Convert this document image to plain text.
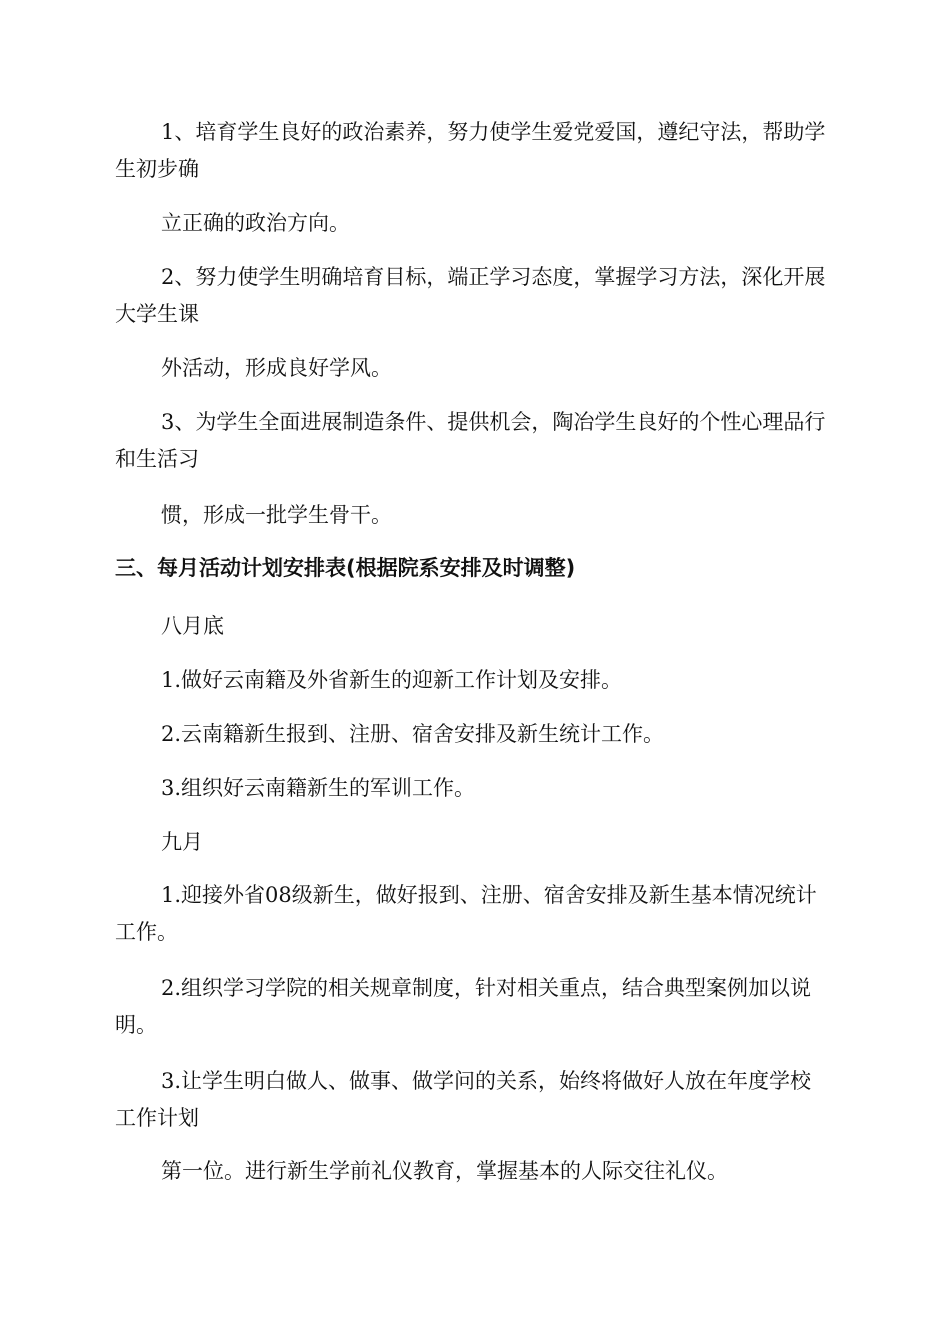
1、培育学生良好的政治素养，努力使学生爱党爱国，遵纪守法，帮助学生初步确

立正确的政治方向。

2、努力使学生明确培育目标，端正学习态度，掌握学习方法，深化开展大学生课

外活动，形成良好学风。

3、为学生全面进展制造条件、提供机会，陶冶学生良好的个性心理品行和生活习

惯，形成一批学生骨干。

三、每月活动计划安排表(根据院系安排及时调整)

八月底

1.做好云南籍及外省新生的迎新工作计划及安排。

2.云南籍新生报到、注册、宿舍安排及新生统计工作。

3.组织好云南籍新生的军训工作。

九月

1.迎接外省08级新生，做好报到、注册、宿舍安排及新生基本情况统计工作。

2.组织学习学院的相关规章制度，针对相关重点，结合典型案例加以说明。

3.让学生明白做人、做事、做学问的关系，始终将做好人放在年度学校工作计划

第一位。进行新生学前礼仪教育，掌握基本的人际交往礼仪。
